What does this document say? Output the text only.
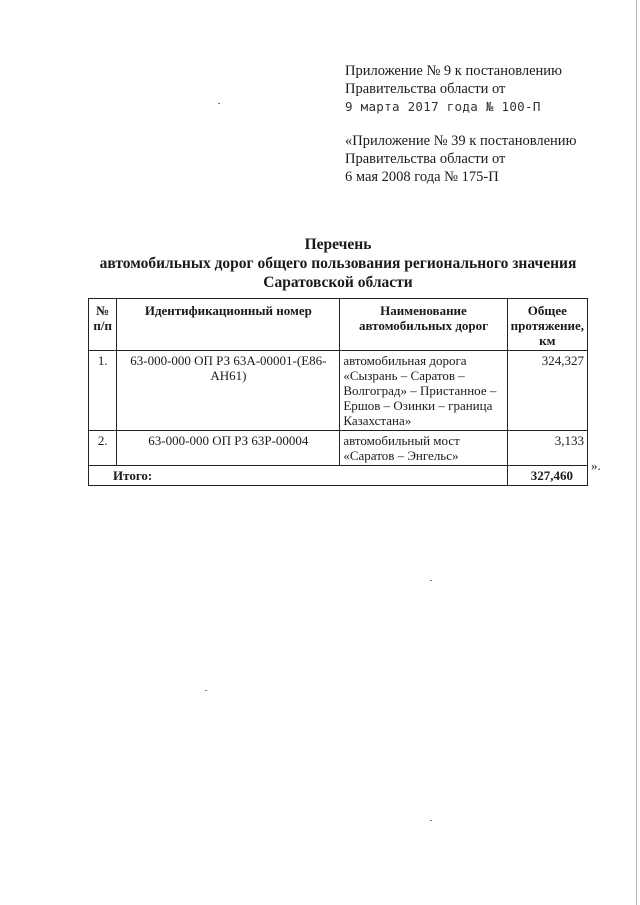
Приложение № 9 к постановлению
Правительства области от
9 марта 2017 года № 100-П
«Приложение № 39 к постановлению
Правительства области от
6 мая 2008 года № 175-П
Перечень
автомобильных дорог общего пользования регионального значения
Саратовской области
№ п/п	Идентификационный номер	Наименование автомобильных дорог	Общее протяжение, км
1.	63-000-000 ОП РЗ 63А-00001-(Е86-АН61)	автомобильная дорога «Сызрань – Саратов – Волгоград» – Пристанное – Ершов – Озинки – граница Казахстана»	324,327
2.	63-000-000 ОП РЗ 63Р-00004	автомобильный мост «Саратов – Энгельс»	3,133
Итого:			327,460
».
